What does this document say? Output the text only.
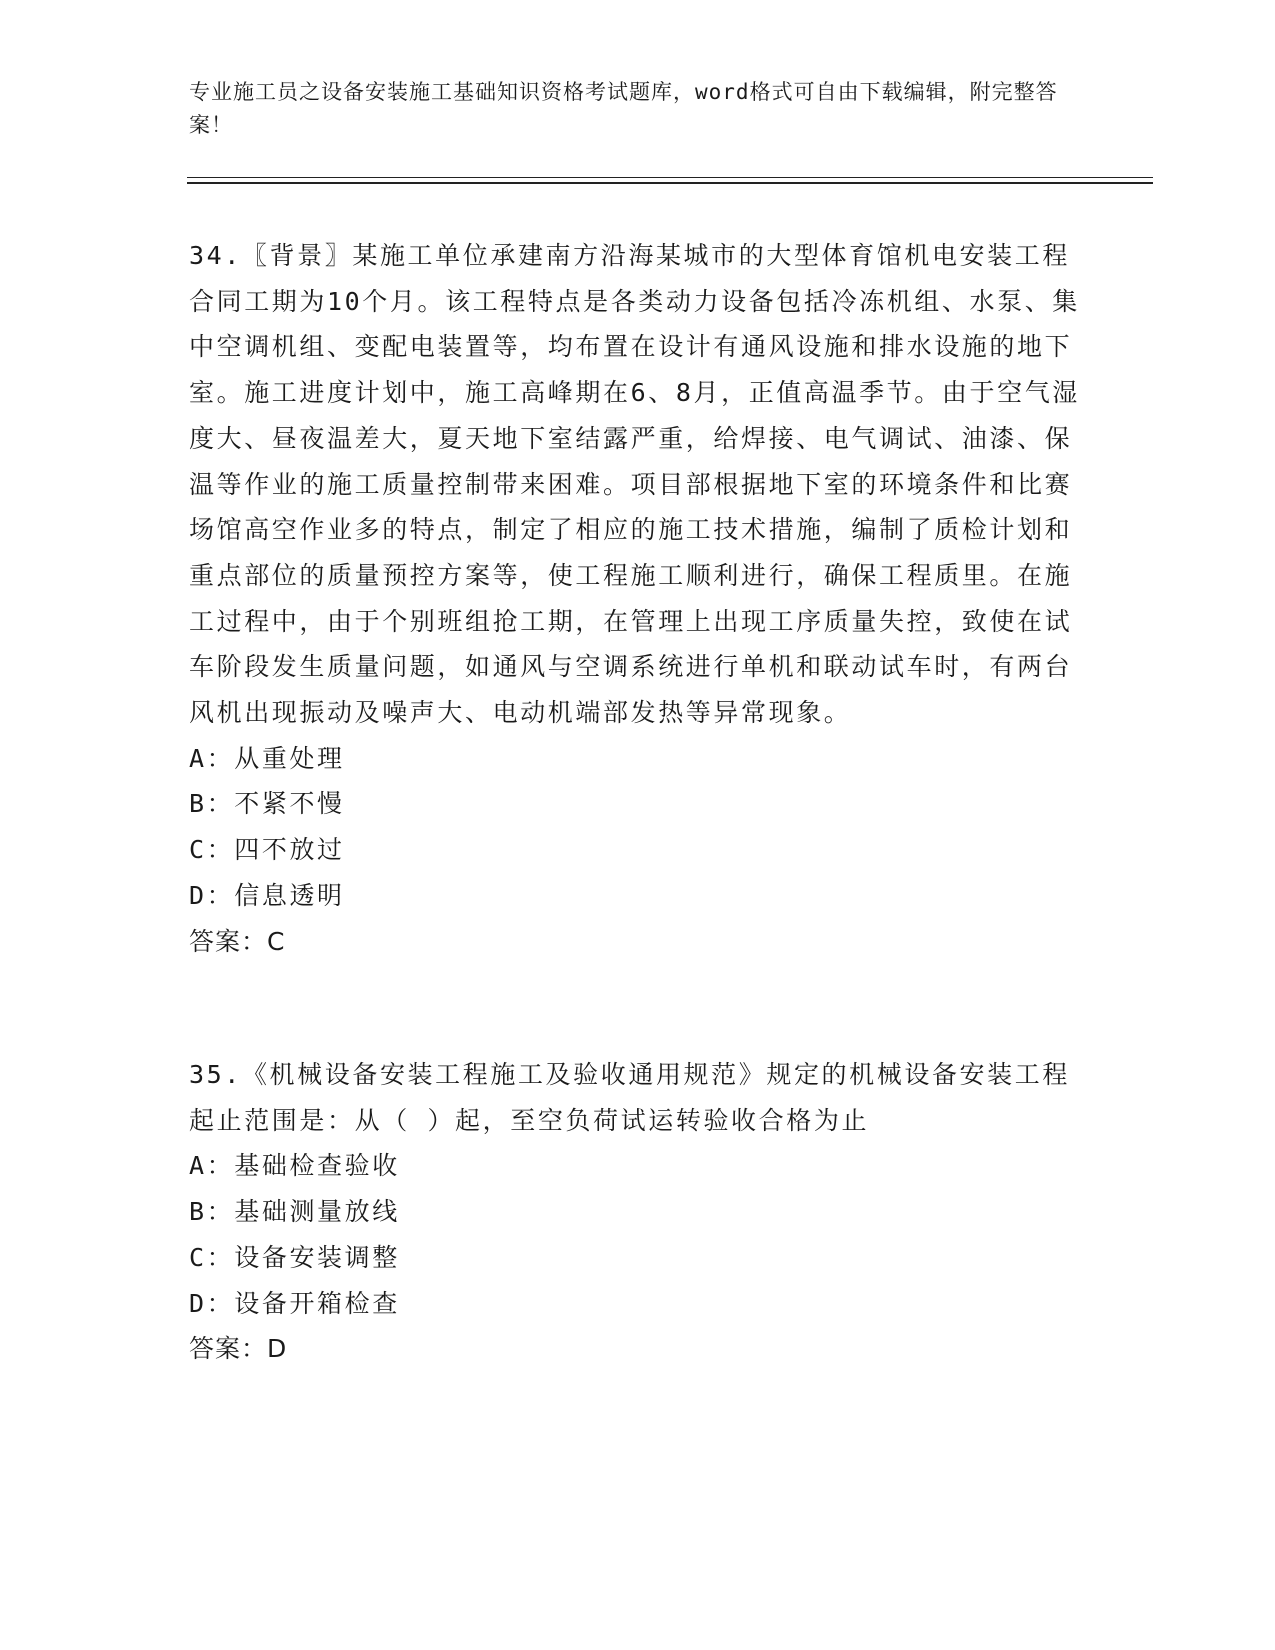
专业施工员之设备安装施工基础知识资格考试题库，word格式可自由下载编辑，附完整答案！
34.〖背景〗某施工单位承建南方沿海某城市的大型体育馆机电安装工程合同工期为10个月。该工程特点是各类动力设备包括冷冻机组、水泵、集中空调机组、变配电装置等，均布置在设计有通风设施和排水设施的地下室。施工进度计划中，施工高峰期在6、8月，正值高温季节。由于空气湿度大、昼夜温差大，夏天地下室结露严重，给焊接、电气调试、油漆、保温等作业的施工质量控制带来困难。项目部根据地下室的环境条件和比赛场馆高空作业多的特点，制定了相应的施工技术措施，编制了质检计划和重点部位的质量预控方案等，使工程施工顺利进行，确保工程质里。在施工过程中，由于个别班组抢工期，在管理上出现工序质量失控，致使在试车阶段发生质量问题，如通风与空调系统进行单机和联动试车时，有两台风机出现振动及噪声大、电动机端部发热等异常现象。
A：从重处理
B：不紧不慢
C：四不放过
D：信息透明
答案：C
35.《机械设备安装工程施工及验收通用规范》规定的机械设备安装工程起止范围是：从（ ）起，至空负荷试运转验收合格为止
A：基础检查验收
B：基础测量放线
C：设备安装调整
D：设备开箱检查
答案：D
